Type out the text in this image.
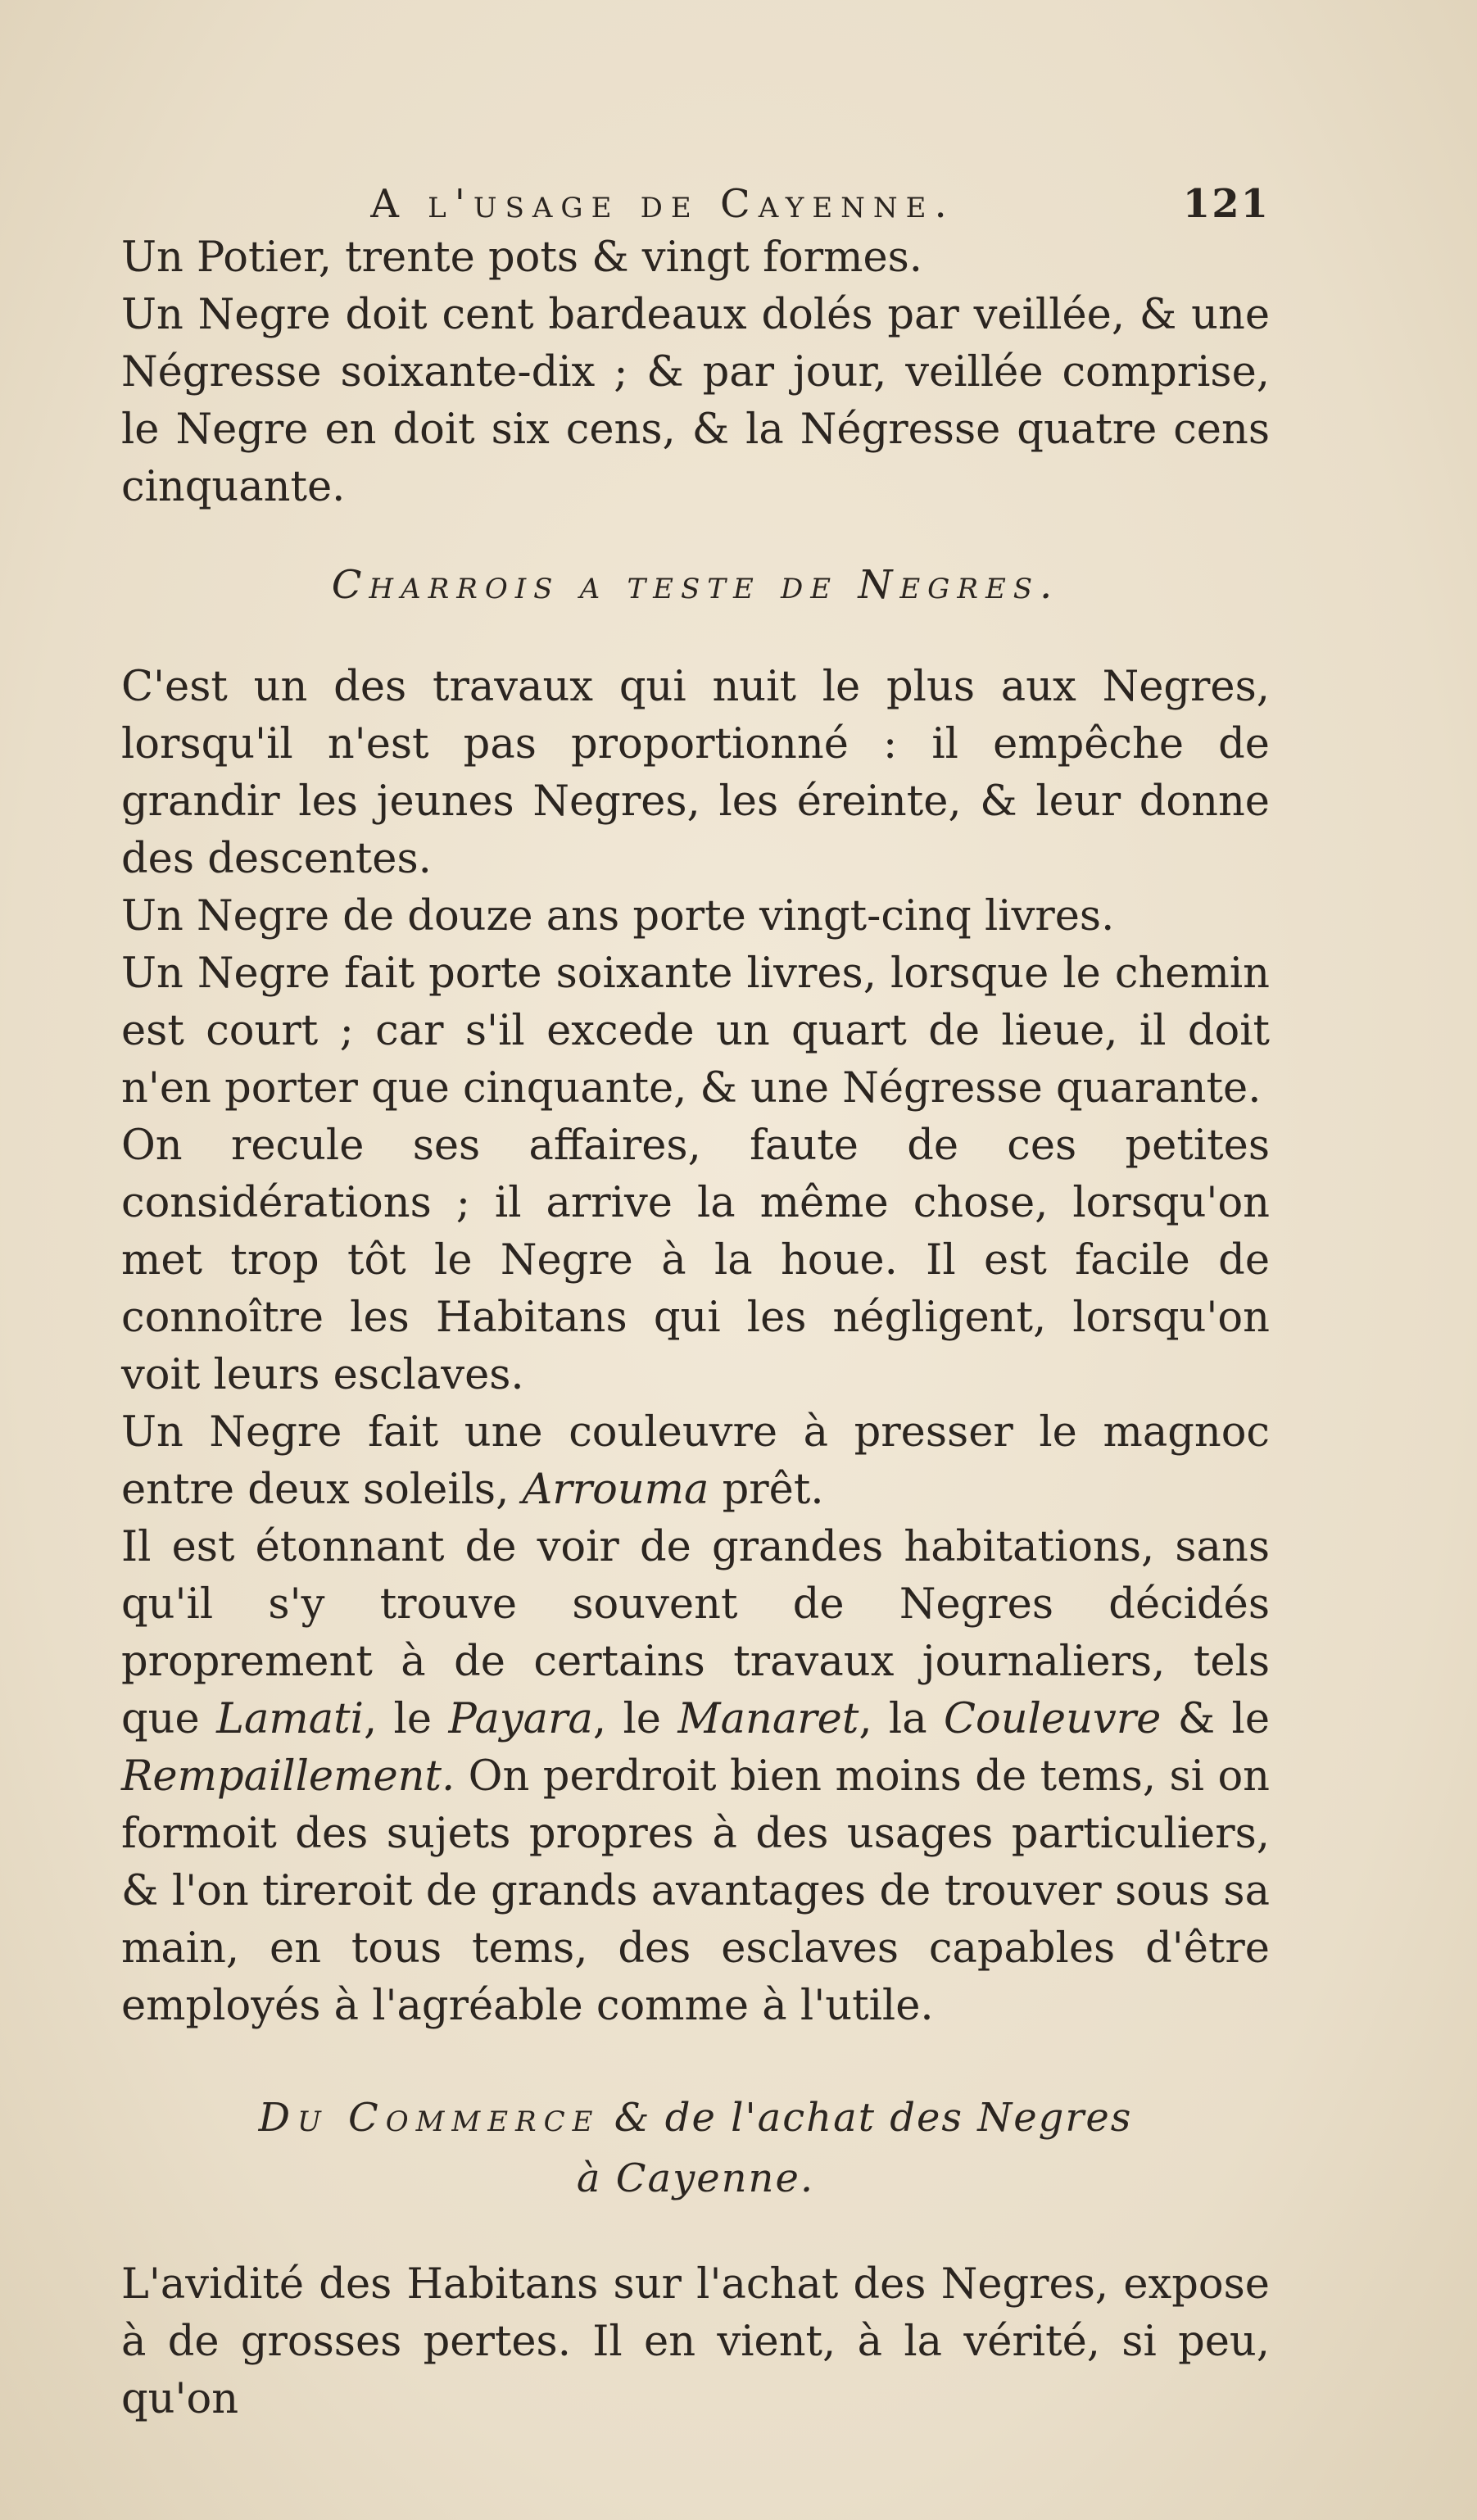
A l'usage de Cayenne.	121

Un Potier, trente pots & vingt formes.

Un Negre doit cent bardeaux dolés par veillée, & une Négresse soixante-dix ; & par jour, veillée comprise, le Negre en doit six cens, & la Négresse quatre cens cinquante.

Charrois a teste de Negres.

C'est un des travaux qui nuit le plus aux Negres, lorsqu'il n'est pas proportionné : il empêche de grandir les jeunes Negres, les éreinte, & leur donne des descentes.

Un Negre de douze ans porte vingt-cinq livres.

Un Negre fait porte soixante livres, lorsque le chemin est court ; car s'il excede un quart de lieue, il doit n'en porter que cinquante, & une Négresse quarante.

On recule ses affaires, faute de ces petites considérations ; il arrive la même chose, lorsqu'on met trop tôt le Negre à la houe. Il est facile de connoître les Habitans qui les négligent, lorsqu'on voit leurs esclaves.

Un Negre fait une couleuvre à presser le magnoc entre deux soleils, Arrouma prêt.

Il est étonnant de voir de grandes habitations, sans qu'il s'y trouve souvent de Negres décidés proprement à de certains travaux journaliers, tels que Lamati, le Payara, le Manaret, la Couleuvre & le Rempaillement. On perdroit bien moins de tems, si on formoit des sujets propres à des usages particuliers, & l'on tireroit de grands avantages de trouver sous sa main, en tous tems, des esclaves capables d'être employés à l'agréable comme à l'utile.

Du Commerce & de l'achat des Negres
à Cayenne.

L'avidité des Habitans sur l'achat des Negres, expose à de grosses pertes. Il en vient, à la vérité, si peu, qu'on
